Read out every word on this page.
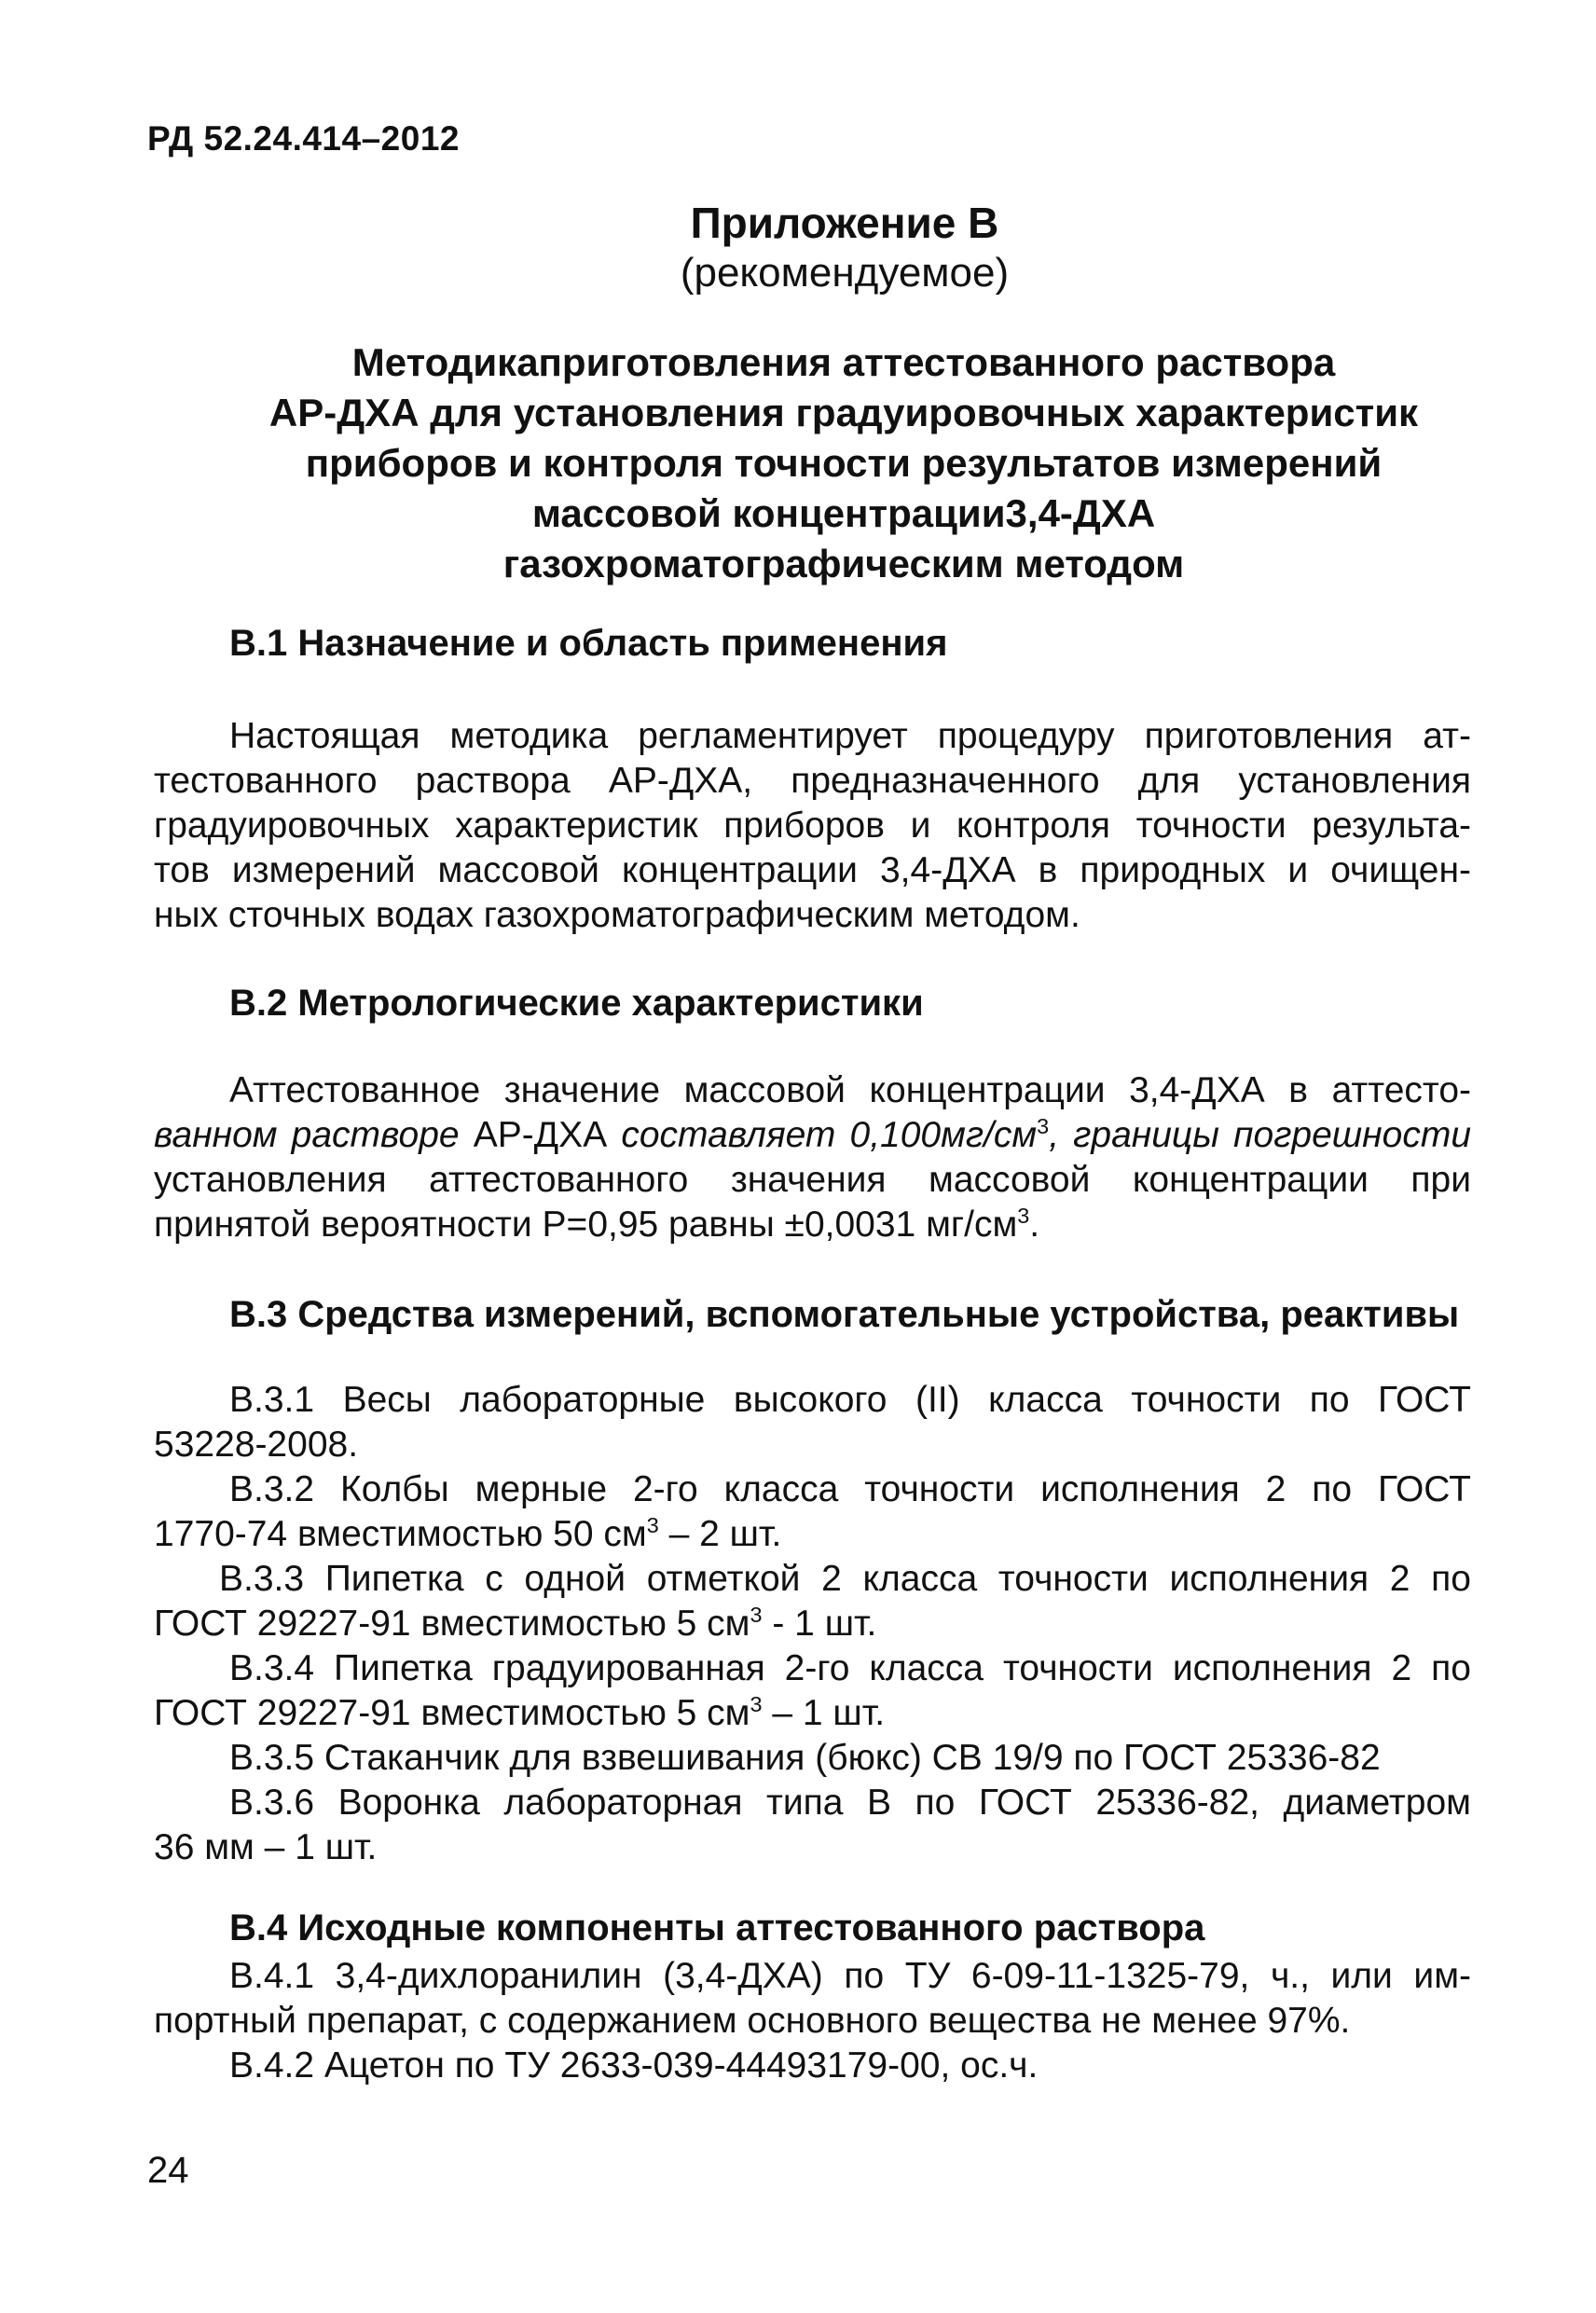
РД 52.24.414–2012
Приложение В
(рекомендуемое)
Методикаприготовления аттестованного раствора
АР-ДХА для установления градуировочных характеристик
приборов и контроля точности результатов измерений
массовой концентрации3,4-ДХА
газохроматографическим методом
В.1 Назначение и область применения
Настоящая методика регламентирует процедуру приготовления ат-
тестованного раствора АР-ДХА, предназначенного для установления
градуировочных характеристик приборов и контроля точности результа-
тов измерений массовой концентрации 3,4-ДХА в природных и очищен-
ных сточных водах газохроматографическим методом.
В.2 Метрологические характеристики
Аттестованное значение массовой концентрации 3,4-ДХА в аттесто-
ванном растворе АР-ДХА составляет $0,100мг/см^3$, границы погрешности
установления аттестованного значения массовой концентрации при
принятой вероятности Р=0,95 равны ±0,0031 $мг/см^3$.
В.3 Средства измерений, вспомогательные устройства, реактивы
В.3.1 Весы лабораторные высокого (II) класса точности по ГОСТ
53228-2008.
В.3.2 Колбы мерные 2-го класса точности исполнения 2 по ГОСТ
1770-74 вместимостью 50 $см^3 - 2$ шт.
В.3.3 Пипетка с одной отметкой 2 класса точности исполнения 2 по
ГОСТ 29227-91 вместимостью 5 $см^3 - 1$ шт.
В.3.4 Пипетка градуированная 2-го класса точности исполнения 2 по
ГОСТ 29227-91 вместимостью 5 $см^3 - 1$ шт.
В.3.5 Стаканчик для взвешивания (бюкс) СВ 19/9 по ГОСТ 25336-82
В.3.6 Воронка лабораторная типа В по ГОСТ 25336-82, диаметром
36 мм – 1 шт.
В.4 Исходные компоненты аттестованного раствора
В.4.1 3,4-дихлоранилин (3,4-ДХА) по ТУ 6-09-11-1325-79, ч., или им-
портный препарат, с содержанием основного вещества не менее 97%.
В.4.2 Ацетон по ТУ 2633-039-44493179-00, ос.ч.
24
